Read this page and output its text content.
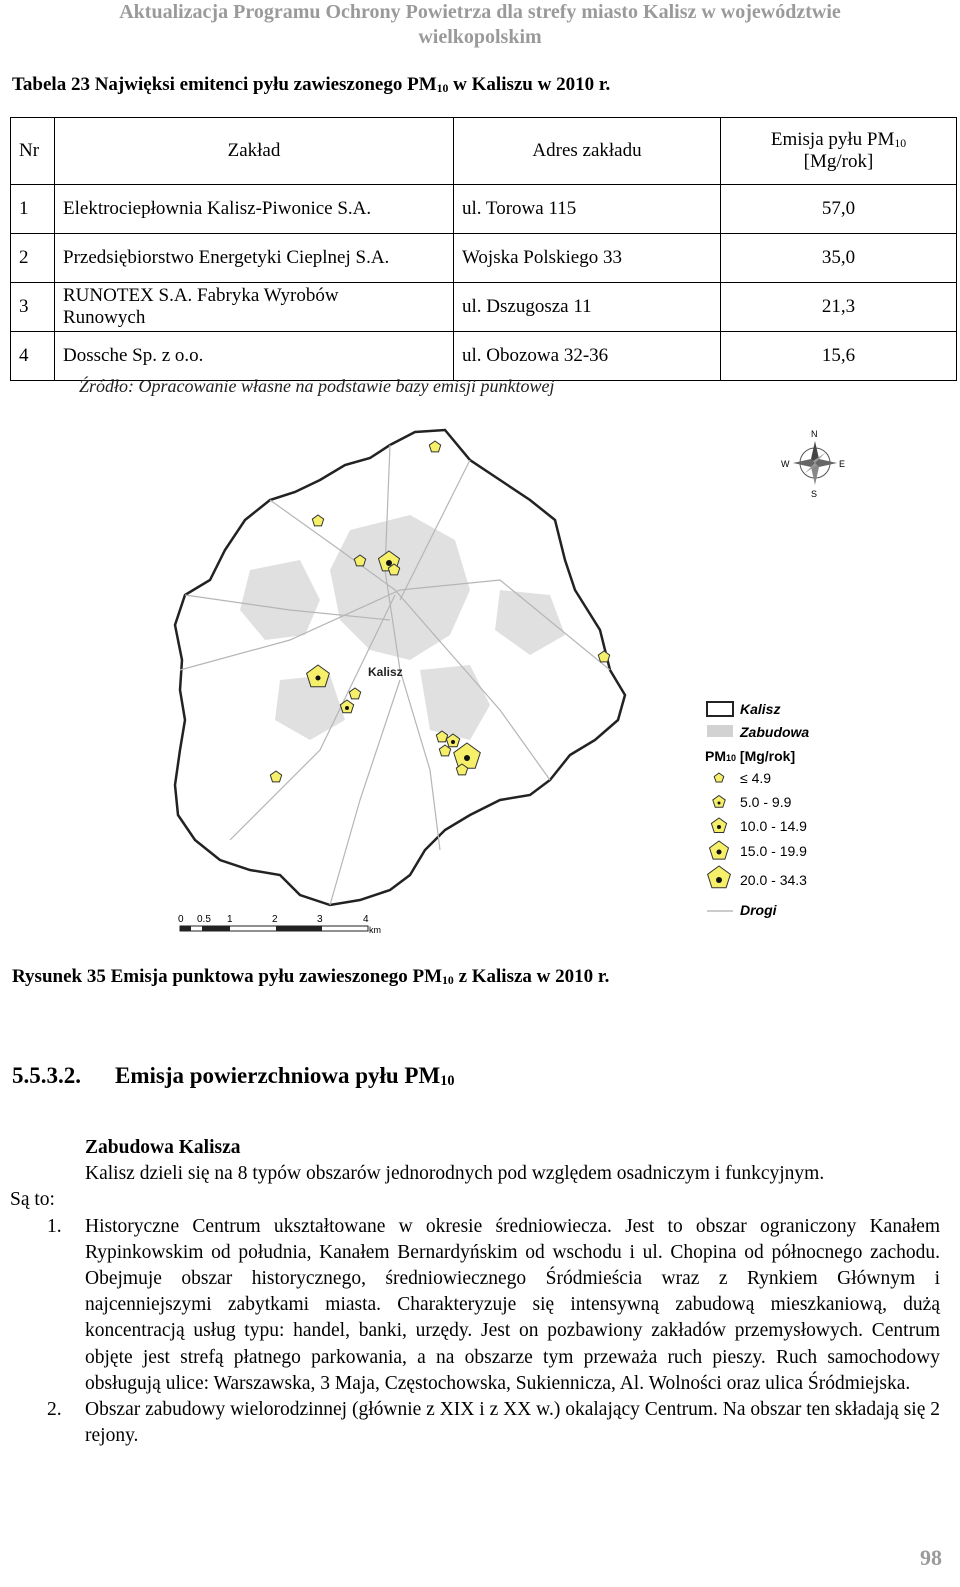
Aktualizacja Programu Ochrony Powietrza dla strefy miasto Kalisz w województwie
wielkopolskim
Tabela 23 Najwięksi emitenci pyłu zawieszonego $PM_{10}$ w Kaliszu w 2010 r.
Nr	Zakład	Adres zakładu	Emisja pyłu $PM_{10}$
[Mg/rok]
1	Elektrociepłownia Kalisz-Piwonice S.A.	ul. Torowa 115	57,0
2	Przedsiębiorstwo Energetyki Cieplnej S.A.	Wojska Polskiego 33	35,0
3	RUNOTEX S.A. Fabryka Wyrobów Runowych	ul. Dszugosza 11	21,3
4	Dossche Sp. z o.o.	ul. Obozowa 32-36	15,6
Źródło: Opracowanie własne na podstawie bazy emisji punktowej
Kalisz
N
S
E
W
Kalisz
Zabudowa
PM10 [Mg/rok]
≤ 4.9
5.0 - 9.9
10.0 - 14.9
15.0 - 19.9
20.0 - 34.3
Drogi
0 0.5 1	2	3	4
km
Rysunek 35 Emisja punktowa pyłu zawieszonego $PM_{10}$ z Kalisza w 2010 r.
5.5.3.2. Emisja powierzchniowa pyłu $PM_{10}$
Zabudowa Kalisza
Kalisz dzieli się na 8 typów obszarów jednorodnych pod względem osadniczym i funkcyjnym.
Są to:
1. Historyczne Centrum ukształtowane w okresie średniowiecza. Jest to obszar ograniczony Kanałem Rypinkowskim od południa, Kanałem Bernardyńskim od wschodu i ul. Chopina od północnego zachodu. Obejmuje obszar historycznego, średniowiecznego Śródmieścia wraz z Rynkiem Głównym i najcenniejszymi zabytkami miasta. Charakteryzuje się intensywną zabudową mieszkaniową, dużą koncentracją usług typu: handel, banki, urzędy. Jest on pozbawiony zakładów przemysłowych. Centrum objęte jest strefą płatnego parkowania, a na obszarze tym przeważa ruch pieszy. Ruch samochodowy obsługują ulice: Warszawska, 3 Maja, Częstochowska, Sukiennicza, Al. Wolności oraz ulica Śródmiejska.
2. Obszar zabudowy wielorodzinnej (głównie z XIX i z XX w.) okalający Centrum. Na obszar ten składają się 2 rejony.
98
